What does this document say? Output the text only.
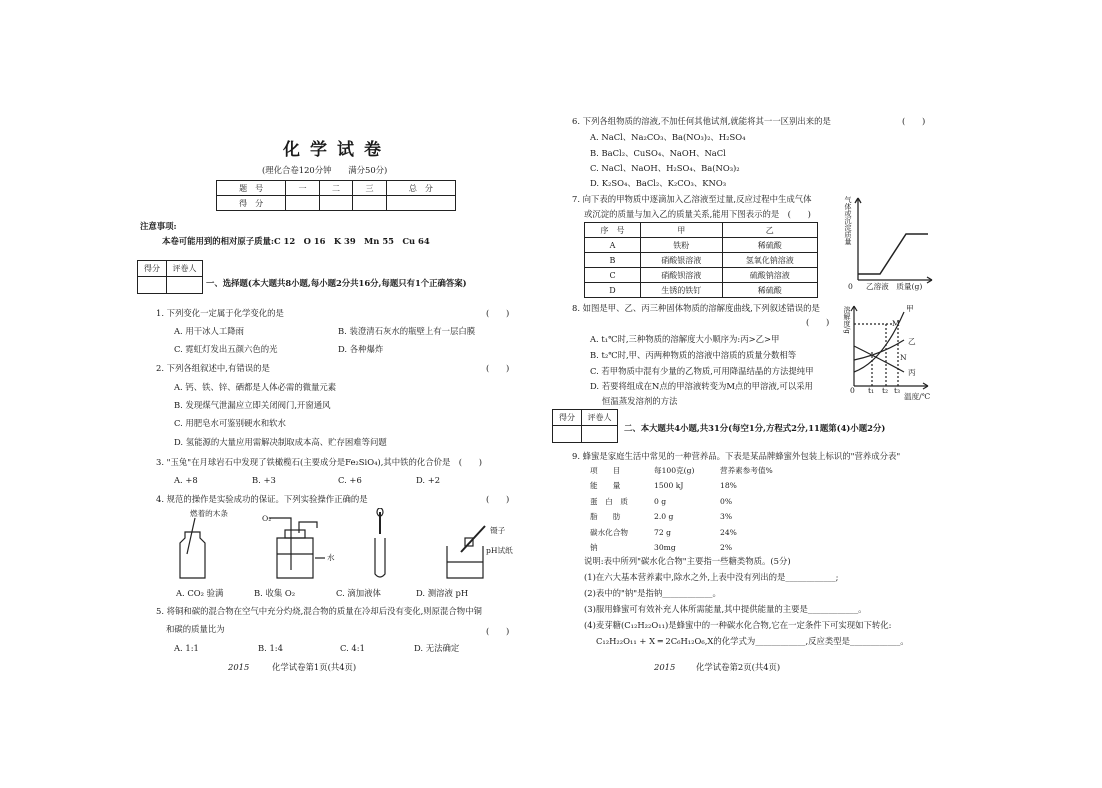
化学试卷
(理化合卷120分钟　　满分50分)
题　号	一	二	三	总　分
得　分				
注意事项:
本卷可能用到的相对原子质量:C 12　O 16　K 39　Mn 55　Cu 64
得分	评卷人
一、选择题(本大题共8小题,每小题2分共16分,每题只有1个正确答案)
1. 下列变化一定属于化学变化的是	(　　)
A. 用干冰人工降雨	B. 装澄清石灰水的瓶壁上有一层白膜
C. 霓虹灯发出五颜六色的光	D. 各种爆炸
2. 下列各组叙述中,有错误的是	(　　)
A. 钙、铁、锌、硒都是人体必需的微量元素
B. 发现煤气泄漏应立即关闭阀门,开窗通风
C. 用肥皂水可鉴别硬水和软水
D. 氢能源的大量应用需解决制取成本高、贮存困难等问题
3. "玉兔"在月球岩石中发现了铁橄榄石(主要成分是Fe₂SiO₄),其中铁的化合价是　(　　)
A. +8	B. +3	C. +6	D. +2
4. 规范的操作是实验成功的保证。下列实验操作正确的是	(　　)
燃着的木条
O₂
水
镊子
pH试纸
A. CO₂ 验满	B. 收集 O₂	C. 滴加液体	D. 测溶液 pH
5. 将铜和碳的混合物在空气中充分灼烧,混合物的质量在冷却后没有变化,则原混合物中铜
和碳的质量比为	(　　)
A. 1:1	B. 1:4	C. 4:1	D. 无法确定
2015	化学试卷第1页(共4页)
6. 下列各组物质的溶液,不加任何其他试剂,就能将其一一区别出来的是	(　　)
A. NaCl、Na₂CO₃、Ba(NO₃)₂、H₂SO₄
B. BaCl₂、CuSO₄、NaOH、NaCl
C. NaCl、NaOH、H₂SO₄、Ba(NO₃)₂
D. K₂SO₄、BaCl₂、K₂CO₃、KNO₃
7. 向下表的甲物质中逐滴加入乙溶液至过量,反应过程中生成气体
或沉淀的质量与加入乙的质量关系,能用下图表示的是　(　　)
序　号	甲	乙
A	铁粉	稀硫酸
B	硝酸银溶液	氢氧化钠溶液
C	硝酸钡溶液	硫酸钠溶液
D	生锈的铁钉	稀硫酸
气体或沉淀质量
0 乙溶液　质量(g)
8. 如图是甲、乙、丙三种固体物质的溶解度曲线,下列叙述错误的是
(　　)
A. t₁℃时,三种物质的溶解度大小顺序为:丙>乙>甲
B. t₂℃时,甲、丙两种物质的溶液中溶质的质量分数相等
C. 若甲物质中混有少量的乙物质,可用降温结晶的方法提纯甲
D. 若要将组成在N点的甲溶液转变为M点的甲溶液,可以采用
恒温蒸发溶剂的方法
溶解度/g	甲
乙
丙
M
N
0 t₁ t₂ t₃
温度/℃
得分	评卷人
二、本大题共4小题,共31分(每空1分,方程式2分,11题第(4)小题2分)
9. 蜂蜜是家庭生活中常见的一种营养品。下表是某品牌蜂蜜外包装上标识的"营养成分表"
项　　目	每100克(g)	营养素参考值%
能　　量	1500 kJ	18%
蛋　白　质	0 g	0%
脂　　肪	2.0 g	3%
碳水化合物	72 g	24%
钠	30mg	2%
说明:表中所列"碳水化合物"主要指一些糖类物质。(5分)
(1)在六大基本营养素中,除水之外,上表中没有列出的是____________;
(2)表中的"钠"是指钠____________。
(3)服用蜂蜜可有效补充人体所需能量,其中提供能量的主要是____________。
(4)麦芽糖(C₁₂H₂₂O₁₁)是蜂蜜中的一种碳水化合物,它在一定条件下可实现如下转化:
C₁₂H₂₂O₁₁ + X ═ 2C₆H₁₂O₆,X的化学式为____________,反应类型是____________。
2015 化学试卷第2页(共4页)
